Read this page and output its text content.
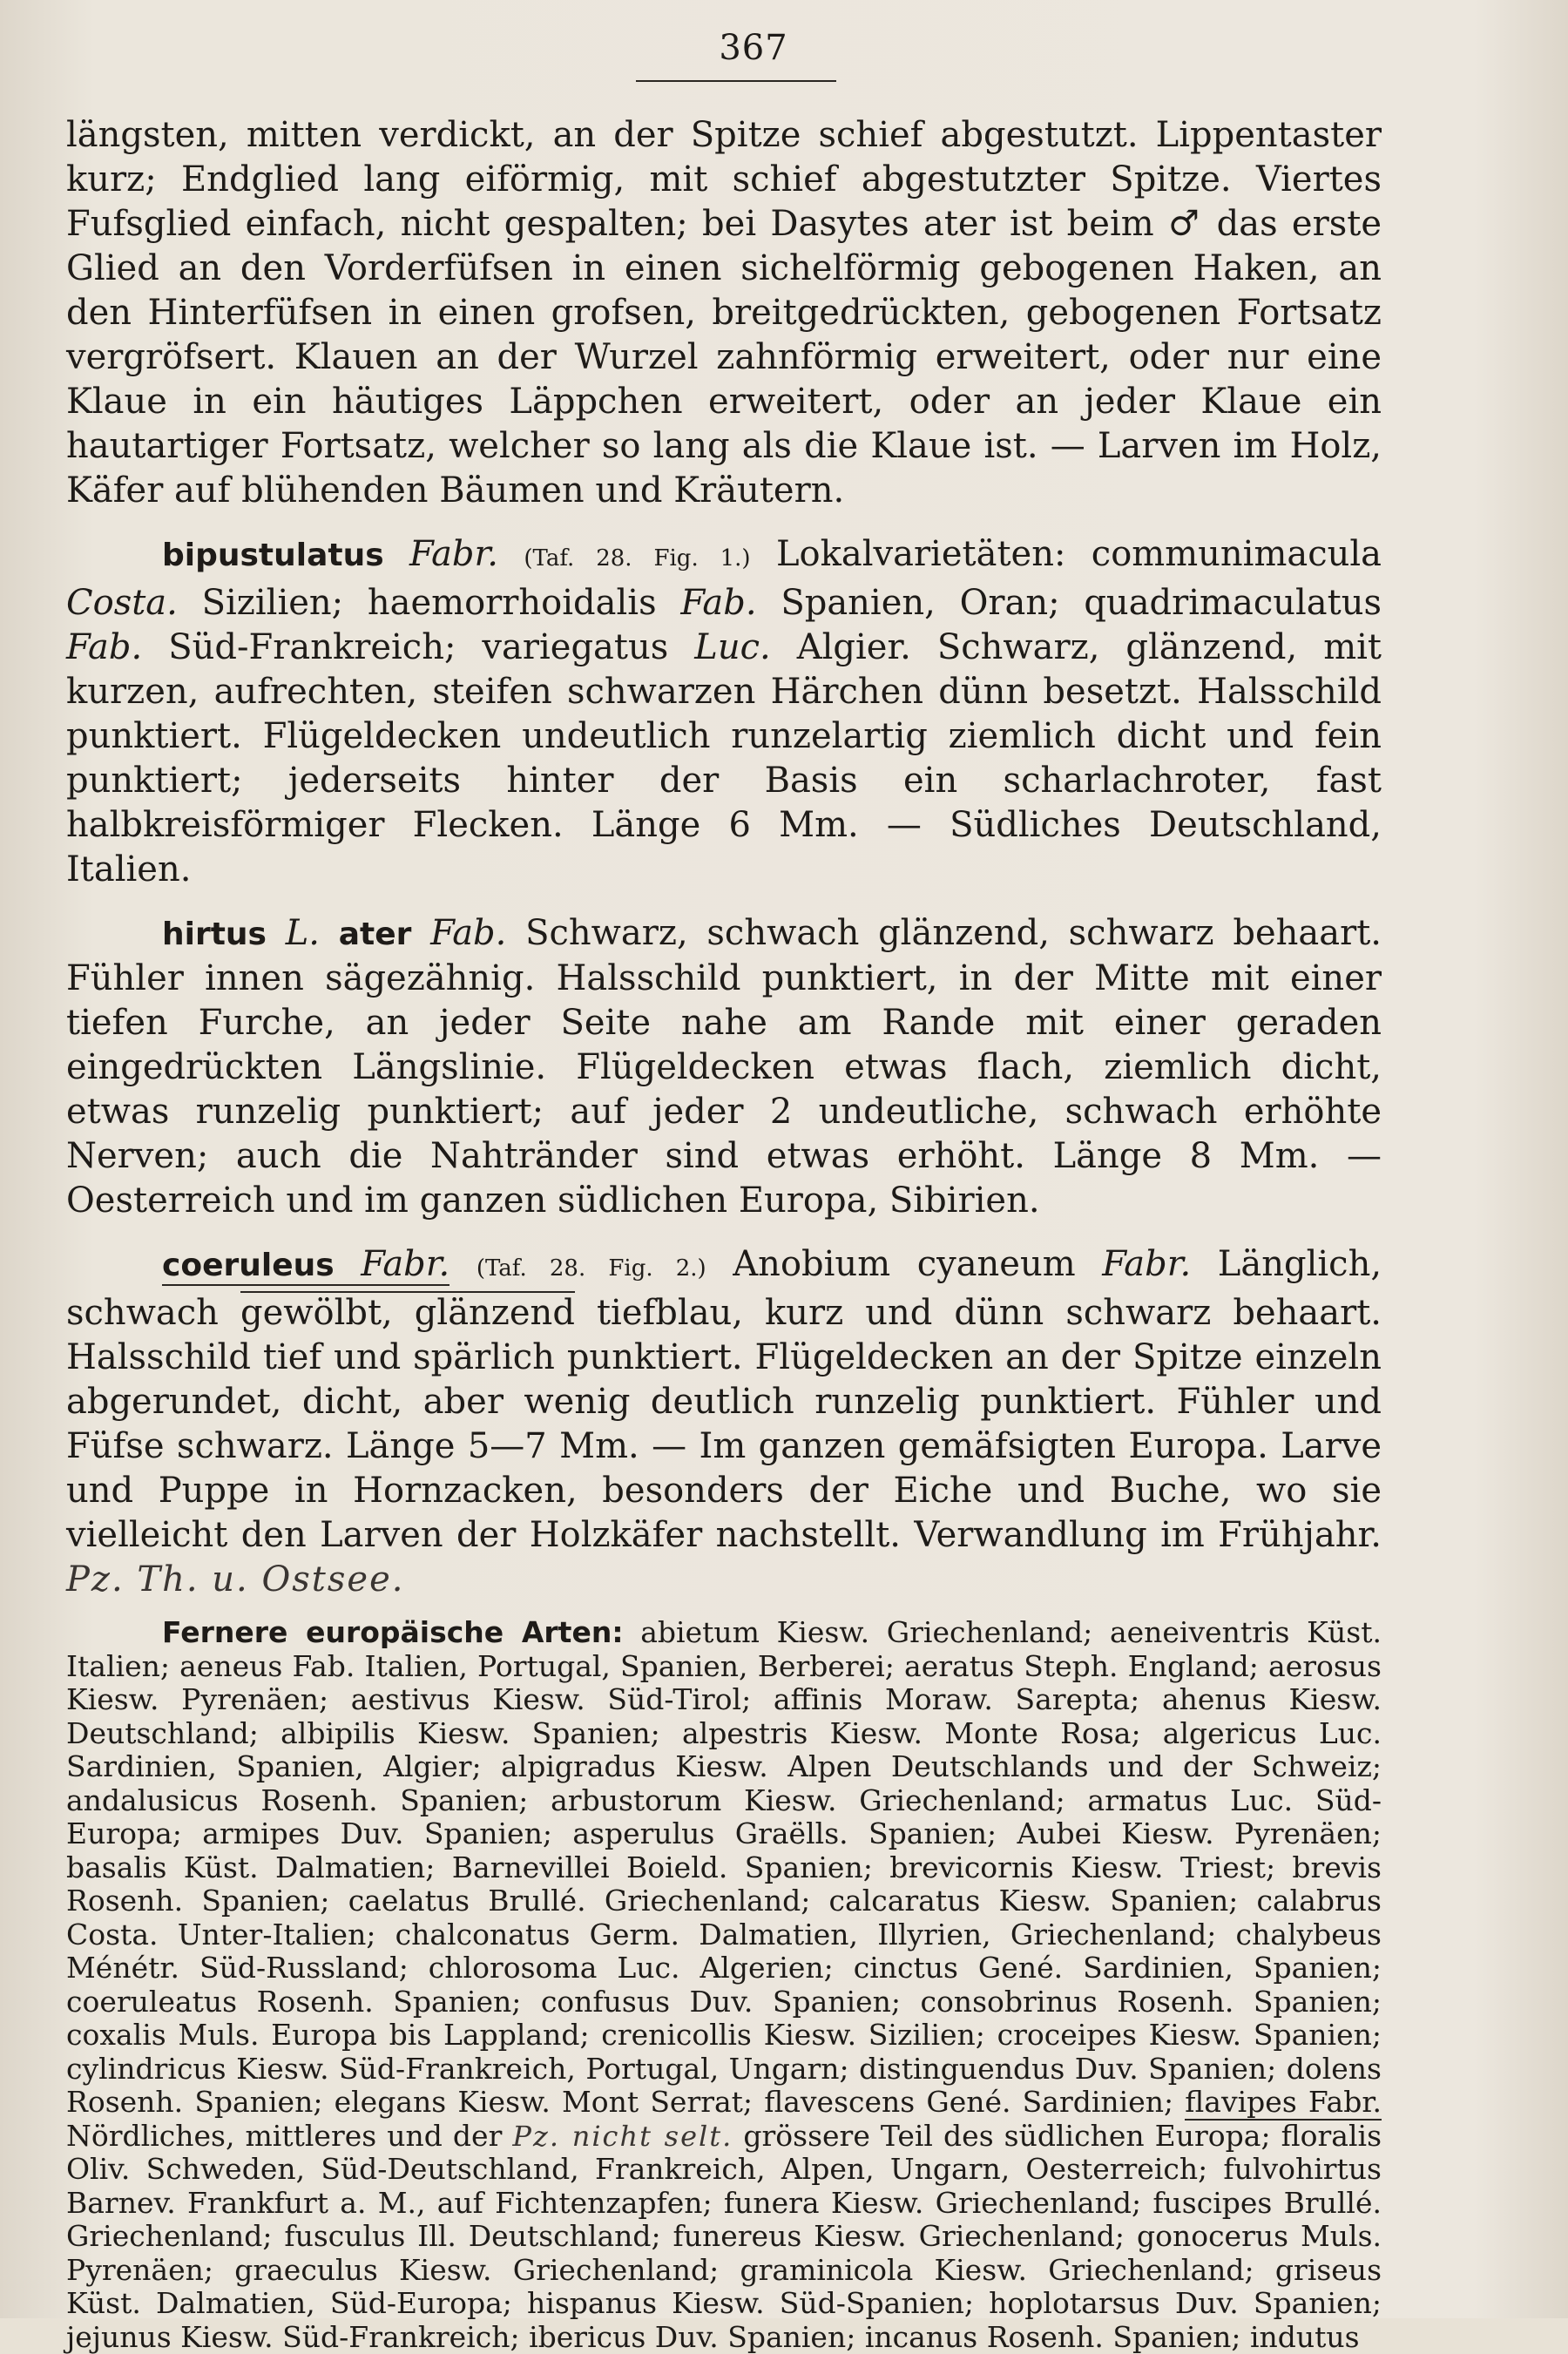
367

längsten, mitten verdickt, an der Spitze schief abgestutzt. Lippentaster kurz; Endglied lang eiförmig, mit schief abgestutzter Spitze. Viertes Fufsglied einfach, nicht gespalten; bei Dasytes ater ist beim ♂ das erste Glied an den Vorderfüfsen in einen sichelförmig gebogenen Haken, an den Hinterfüfsen in einen grofsen, breitgedrückten, gebogenen Fortsatz vergröfsert. Klauen an der Wurzel zahnförmig erweitert, oder nur eine Klaue in ein häutiges Läppchen erweitert, oder an jeder Klaue ein hautartiger Fortsatz, welcher so lang als die Klaue ist. — Larven im Holz, Käfer auf blühenden Bäumen und Kräutern.

bipustulatus Fabr. (Taf. 28. Fig. 1.) Lokalvarietäten: communimacula Costa. Sizilien; haemorrhoidalis Fab. Spanien, Oran; quadrimaculatus Fab. Süd-Frankreich; variegatus Luc. Algier. Schwarz, glänzend, mit kurzen, aufrechten, steifen schwarzen Härchen dünn besetzt. Halsschild punktiert. Flügeldecken undeutlich runzelartig ziemlich dicht und fein punktiert; jederseits hinter der Basis ein scharlachroter, fast halbkreisförmiger Flecken. Länge 6 Mm. — Südliches Deutschland, Italien.

hirtus L. ater Fab. Schwarz, schwach glänzend, schwarz behaart. Fühler innen sägezähnig. Halsschild punktiert, in der Mitte mit einer tiefen Furche, an jeder Seite nahe am Rande mit einer geraden eingedrückten Längslinie. Flügeldecken etwas flach, ziemlich dicht, etwas runzelig punktiert; auf jeder 2 undeutliche, schwach erhöhte Nerven; auch die Nahtränder sind etwas erhöht. Länge 8 Mm. — Oesterreich und im ganzen südlichen Europa, Sibirien.

coeruleus Fabr. (Taf. 28. Fig. 2.) Anobium cyaneum Fabr. Länglich, schwach gewölbt, glänzend tiefblau, kurz und dünn schwarz behaart. Halsschild tief und spärlich punktiert. Flügeldecken an der Spitze einzeln abgerundet, dicht, aber wenig deutlich runzelig punktiert. Fühler und Füfse schwarz. Länge 5—7 Mm. — Im ganzen gemäfsigten Europa. Larve und Puppe in Hornzacken, besonders der Eiche und Buche, wo sie vielleicht den Larven der Holzkäfer nachstellt. Verwandlung im Frühjahr. Pz. Th. u. Ostsee.

Fernere europäische Arten: abietum Kiesw. Griechenland; aeneiventris Küst. Italien; aeneus Fab. Italien, Portugal, Spanien, Berberei; aeratus Steph. England; aerosus Kiesw. Pyrenäen; aestivus Kiesw. Süd-Tirol; affinis Moraw. Sarepta; ahenus Kiesw. Deutschland; albipilis Kiesw. Spanien; alpestris Kiesw. Monte Rosa; algericus Luc. Sardinien, Spanien, Algier; alpigradus Kiesw. Alpen Deutschlands und der Schweiz; andalusicus Rosenh. Spanien; arbustorum Kiesw. Griechenland; armatus Luc. Süd-Europa; armipes Duv. Spanien; asperulus Graëlls. Spanien; Aubei Kiesw. Pyrenäen; basalis Küst. Dalmatien; Barnevillei Boield. Spanien; brevicornis Kiesw. Triest; brevis Rosenh. Spanien; caelatus Brullé. Griechenland; calcaratus Kiesw. Spanien; calabrus Costa. Unter-Italien; chalconatus Germ. Dalmatien, Illyrien, Griechenland; chalybeus Ménétr. Süd-Russland; chlorosoma Luc. Algerien; cinctus Gené. Sardinien, Spanien; coeruleatus Rosenh. Spanien; confusus Duv. Spanien; consobrinus Rosenh. Spanien; coxalis Muls. Europa bis Lappland; crenicollis Kiesw. Sizilien; croceipes Kiesw. Spanien; cylindricus Kiesw. Süd-Frankreich, Portugal, Ungarn; distinguendus Duv. Spanien; dolens Rosenh. Spanien; elegans Kiesw. Mont Serrat; flavescens Gené. Sardinien; flavipes Fabr. Nördliches, mittleres und der Pz. nicht selt. grössere Teil des südlichen Europa; floralis Oliv. Schweden, Süd-Deutschland, Frankreich, Alpen, Ungarn, Oesterreich; fulvohirtus Barnev. Frankfurt a. M., auf Fichtenzapfen; funera Kiesw. Griechenland; fuscipes Brullé. Griechenland; fusculus Ill. Deutschland; funereus Kiesw. Griechenland; gonocerus Muls. Pyrenäen; graeculus Kiesw. Griechenland; graminicola Kiesw. Griechenland; griseus Küst. Dalmatien, Süd-Europa; hispanus Kiesw. Süd-Spanien; hoplotarsus Duv. Spanien; jejunus Kiesw. Süd-Frankreich; ibericus Duv. Spanien; incanus Rosenh. Spanien; indutus
